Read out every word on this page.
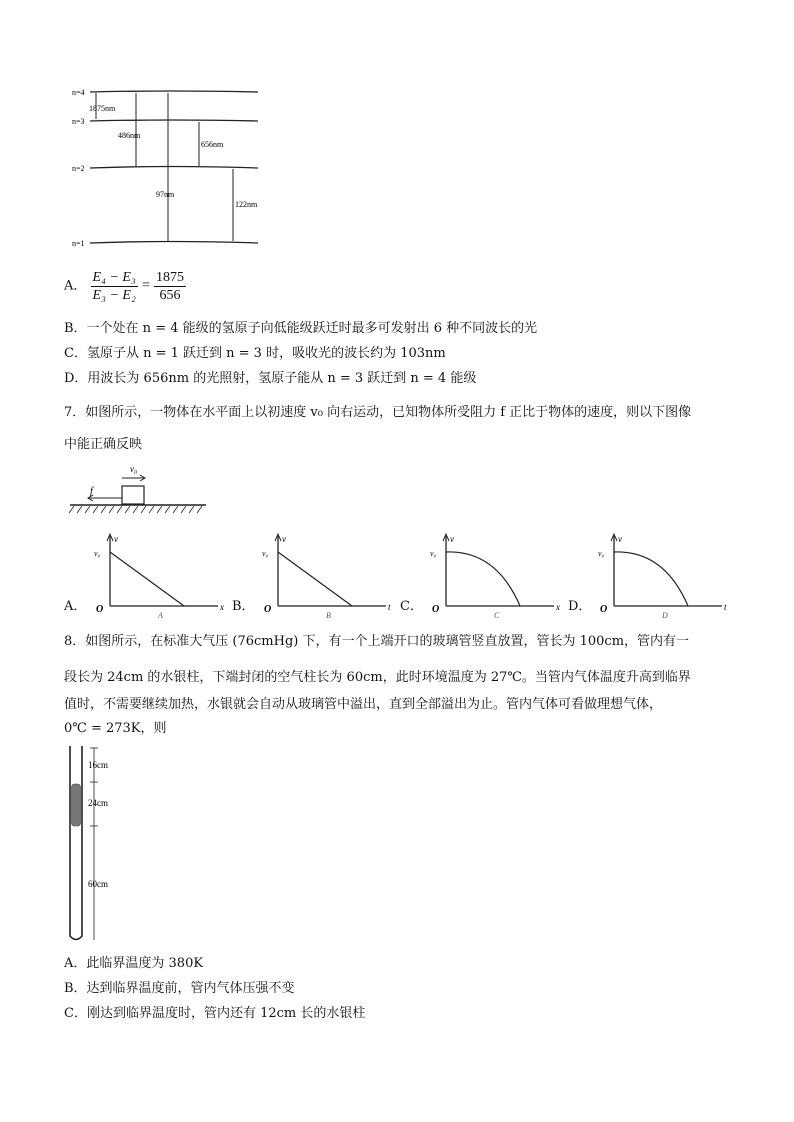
n=4
n=3
n=2
n=1
1875nm
486nm
656nm
97nm
122nm
A． $\frac{\text{E₄ − E₃}}{\text{E₃ − E₂}} = \frac{1875}{656}$
B．一个处在 n = 4 能级的氢原子向低能级跃迁时最多可发射出 6 种不同波长的光
C．氢原子从 n = 1 跃迁到 n = 3 时，吸收光的波长约为 103nm
D．用波长为 656nm 的光照射，氢原子能从 n = 3 跃迁到 n = 4 能级
7．如图所示，一物体在水平面上以初速度 v₀ 向右运动，已知物体所受阻力 f 正比于物体的速度，则以下图像
中能正确反映
v₀
f
A．
v
v₀
O	x
A
B．
v
v₀
O	t
B
C．
v
v₀
O	x
C
D．
v
v₀
O	t
D
8．如图所示，在标准大气压 (76cmHg) 下，有一个上端开口的玻璃管竖直放置，管长为 100cm，管内有一
段长为 24cm 的水银柱，下端封闭的空气柱长为 60cm，此时环境温度为 27℃。当管内气体温度升高到临界
值时，不需要继续加热，水银就会自动从玻璃管中溢出，直到全部溢出为止。管内气体可看做理想气体，
0℃ = 273K，则
16cm
24cm
60cm
A．此临界温度为 380K
B．达到临界温度前，管内气体压强不变
C．刚达到临界温度时，管内还有 12cm 长的水银柱
